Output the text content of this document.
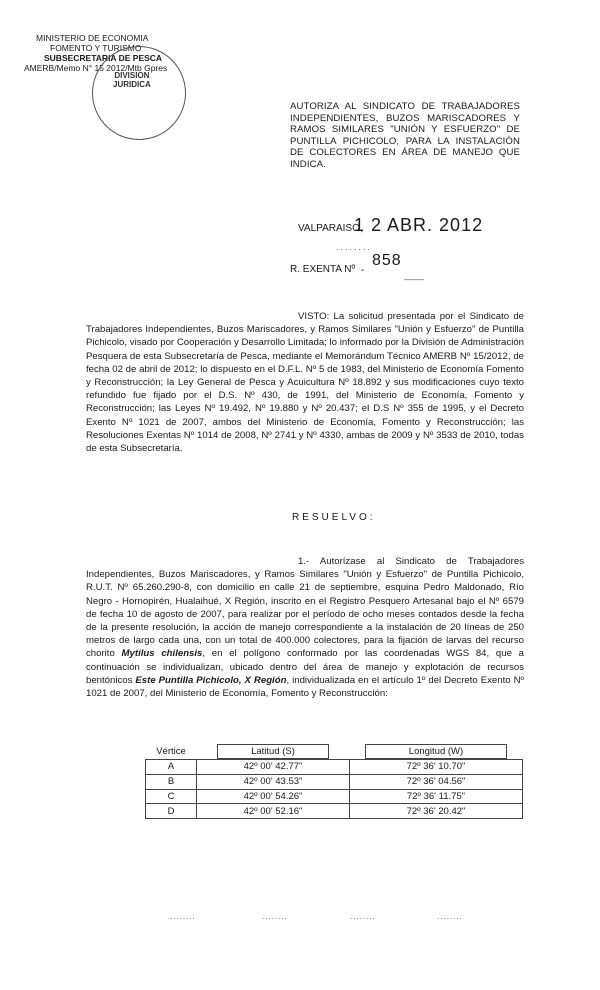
MINISTERIO DE ECONOMIA
FOMENTO Y TURISMO
SUBSECRETARIA DE PESCA
AMERB/Memo N° 15 2012/Mtb Gpres
DIVISION
JURIDICA
AUTORIZA AL SINDICATO DE TRABAJADORES INDEPENDIENTES, BUZOS MARISCADORES Y RAMOS SIMILARES "UNIÓN Y ESFUERZO" DE PUNTILLA PICHICOLO, PARA LA INSTALACIÓN DE COLECTORES EN ÁREA DE MANEJO QUE INDICA.
VALPARAISO,
1 2 ABR. 2012
........
-
R. EXENTA Nº
858
____
VISTO: La solicitud presentada por el Sindicato de Trabajadores Independientes, Buzos Mariscadores, y Ramos Similares "Unión y Esfuerzo" de Puntilla Pichicolo, visado por Cooperación y Desarrollo Limitada; lo informado por la División de Administración Pesquera de esta Subsecretaría de Pesca, mediante el Memorándum Técnico AMERB Nº 15/2012, de fecha 02 de abril de 2012; lo dispuesto en el D.F.L. Nº 5 de 1983, del Ministerio de Economía Fomento y Reconstrucción; la Ley General de Pesca y Acuicultura Nº 18.892 y sus modificaciones cuyo texto refundido fue fijado por el D.S. Nº 430, de 1991, del Ministerio de Economía, Fomento y Reconstrucción; las Leyes Nº 19.492, Nº 19.880 y Nº 20.437; el D.S Nº 355 de 1995, y el Decreto Exento Nº 1021 de 2007, ambos del Ministerio de Economía, Fomento y Reconstrucción; las Resoluciones Exentas Nº 1014 de 2008, Nº 2741 y Nº 4330, ambas de 2009 y Nº 3533 de 2010, todas de esta Subsecretaría.
RESUELVO:
1.- Autorízase al Sindicato de Trabajadores Independientes, Buzos Mariscadores, y Ramos Similares "Unión y Esfuerzo" de Puntilla Pichicolo, R.U.T. Nº 65.260.290-8, con domicilio en calle 21 de septiembre, esquina Pedro Maldonado, Río Negro - Hornopirén, Hualaihué, X Región, inscrito en el Registro Pesquero Artesanal bajo el Nº 6579 de fecha 10 de agosto de 2007, para realizar por el período de ocho meses contados desde la fecha de la presente resolución, la acción de manejo correspondiente a la instalación de 20 líneas de 250 metros de largo cada una, con un total de 400.000 colectores, para la fijación de larvas del recurso chorito Mytilus chilensis, en el polígono conformado por las coordenadas WGS 84, que a continuación se individualizan, ubicado dentro del área de manejo y explotación de recursos bentónicos Este Puntilla Pichicolo, X Región, individualizada en el artículo 1º del Decreto Exento Nº 1021 de 2007, del Ministerio de Economía, Fomento y Reconstrucción:
Vértice	Latitud (S)	Longitud (W)
A	42º 00' 42.77"	72º 36' 10.70"
B	42º 00' 43.53"	72º 36' 04.56"
C	42º 00' 54.26"	72º 36' 11.75"
D	42º 00' 52.16"	72º 36' 20.42"
........	........	........	........
